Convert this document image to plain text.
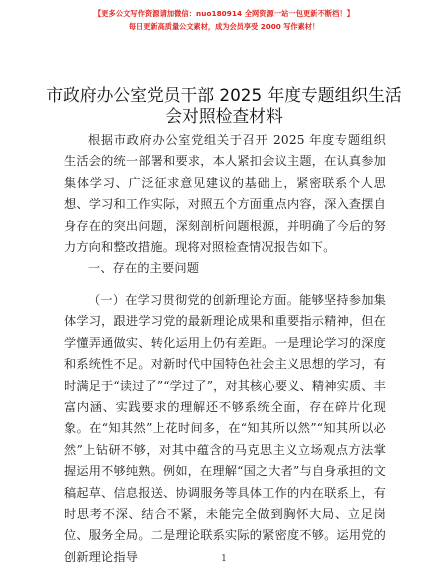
【更多公文写作资源请加微信：nuo180914 全网资源一站一包更新不断档！】
每日更新高质量公文素材，成为会员享受 2000 写作素材！
市政府办公室党员干部 2025 年度专题组织生活会对照检查材料

根据市政府办公室党组关于召开 2025 年度专题组织生活会的统一部署和要求，本人紧扣会议主题，在认真参加集体学习、广泛征求意见建议的基础上，紧密联系个人思想、学习和工作实际，对照五个方面重点内容，深入查摆自身存在的突出问题，深刻剖析问题根源，并明确了今后的努力方向和整改措施。现将对照检查情况报告如下。

一、存在的主要问题

（一）在学习贯彻党的创新理论方面。能够坚持参加集体学习，跟进学习党的最新理论成果和重要指示精神，但在学懂弄通做实、转化运用上仍有差距。一是理论学习的深度和系统性不足。对新时代中国特色社会主义思想的学习，有时满足于“读过了”“学过了”，对其核心要义、精神实质、丰富内涵、实践要求的理解还不够系统全面，存在碎片化现象。在“知其然”上花时间多，在“知其所以然”“知其所以必然”上钻研不够，对其中蕴含的马克思主义立场观点方法掌握运用不够纯熟。例如，在理解“国之大者”与自身承担的文稿起草、信息报送、协调服务等具体工作的内在联系上，有时思考不深、结合不紧，未能完全做到胸怀大局、立足岗位、服务全局。二是理论联系实际的紧密度不够。运用党的创新理论指导	1
